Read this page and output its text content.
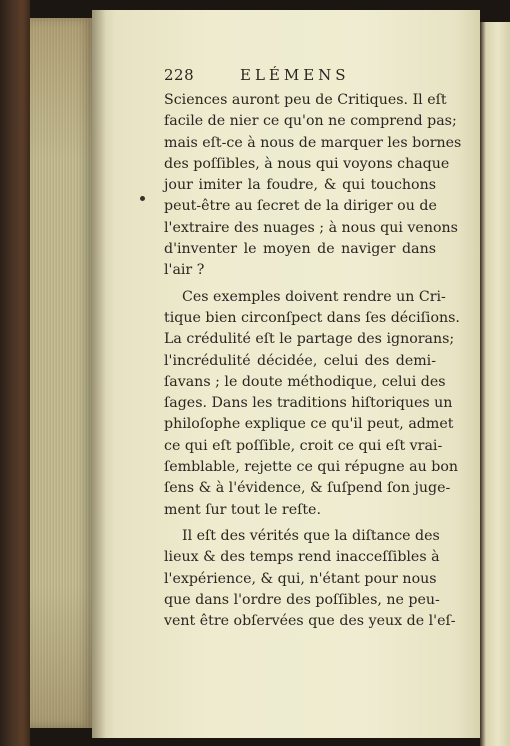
228	ELÉMENS
Sciences auront peu de Critiques. Il eſt
facile de nier ce qu'on ne comprend pas;
mais eſt-ce à nous de marquer les bornes
des poſſibles, à nous qui voyons chaque
jour imiter la foudre, & qui touchons
peut-être au ſecret de la diriger ou de
l'extraire des nuages ; à nous qui venons
d'inventer le moyen de naviger dans
l'air ?
Ces exemples doivent rendre un Cri-
tique bien circonſpect dans ſes déciſions.
La crédulité eſt le partage des ignorans;
l'incrédulité décidée, celui des demi-
ſavans ; le doute méthodique, celui des
ſages. Dans les traditions hiſtoriques un
philoſophe explique ce qu'il peut, admet
ce qui eſt poſſible, croit ce qui eſt vrai-
ſemblable, rejette ce qui répugne au bon
ſens & à l'évidence, & ſuſpend ſon juge-
ment ſur tout le reſte.
Il eſt des vérités que la diſtance des
lieux & des temps rend inacceſſibles à
l'expérience, & qui, n'étant pour nous
que dans l'ordre des poſſibles, ne peu-
vent être obſervées que des yeux de l'eſ-
